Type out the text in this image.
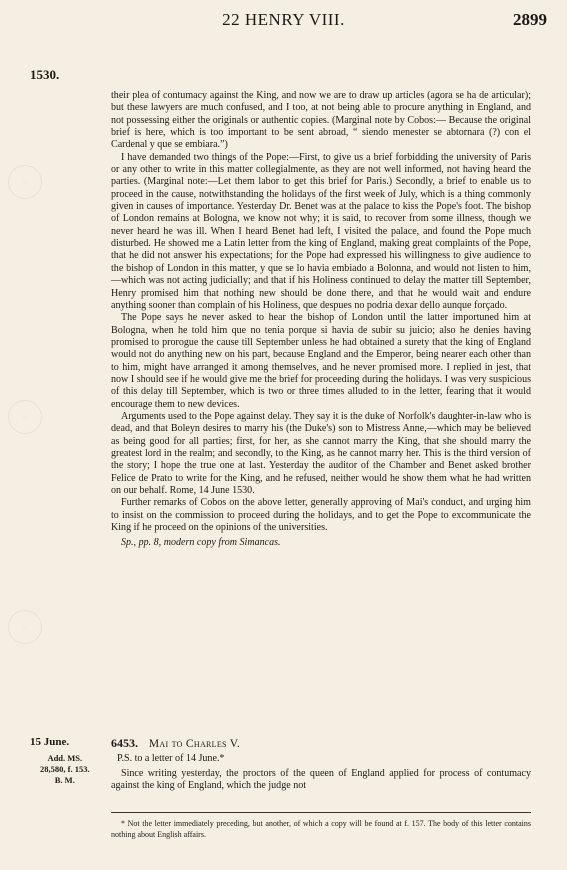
○
○
○
22 HENRY VIII.	2899
1530.

their plea of contumacy against the King, and now we are to draw up articles (agora se ha de articular); but these lawyers are much confused, and I too, at not being able to procure anything in England, and not possessing either the originals or authentic copies. (Marginal note by Cobos:— Because the original brief is here, which is too important to be sent abroad, “ siendo menester se abtornara (?) con el Cardenal y que se embiara.”)

I have demanded two things of the Pope:—First, to give us a brief forbidding the university of Paris or any other to write in this matter collegialmente, as they are not well informed, not having heard the parties. (Marginal note:—Let them labor to get this brief for Paris.) Secondly, a brief to enable us to proceed in the cause, notwithstanding the holidays of the first week of July, which is a thing commonly given in causes of importance. Yesterday Dr. Benet was at the palace to kiss the Pope's foot. The bishop of London remains at Bologna, we know not why; it is said, to recover from some illness, though we never heard he was ill. When I heard Benet had left, I visited the palace, and found the Pope much disturbed. He showed me a Latin letter from the king of England, making great complaints of the Pope, that he did not answer his expectations; for the Pope had expressed his willingness to give audience to the bishop of London in this matter, y que se lo havia embiado a Bolonna, and would not listen to him,—which was not acting judicially; and that if his Holiness continued to delay the matter till September, Henry promised him that nothing new should be done there, and that he would wait and endure anything sooner than complain of his Holiness, que despues no podria dexar dello aunque forçado.

The Pope says he never asked to hear the bishop of London until the latter importuned him at Bologna, when he told him que no tenia porque si havia de subir su juicio; also he denies having promised to prorogue the cause till September unless he had obtained a surety that the king of England would not do anything new on his part, because England and the Emperor, being nearer each other than to him, might have arranged it among themselves, and he never promised more. I replied in jest, that now I should see if he would give me the brief for proceeding during the holidays. I was very suspicious of this delay till September, which is two or three times alluded to in the letter, fearing that it would encourage them to new devices.

Arguments used to the Pope against delay. They say it is the duke of Norfolk's daughter-in-law who is dead, and that Boleyn desires to marry his (the Duke's) son to Mistress Anne,—which may be believed as being good for all parties; first, for her, as she cannot marry the King, that she should marry the greatest lord in the realm; and secondly, to the King, as he cannot marry her. This is the third version of the story; I hope the true one at last. Yesterday the auditor of the Chamber and Benet asked brother Felice de Prato to write for the King, and he refused, neither would he show them what he had written on our behalf. Rome, 14 June 1530.

Further remarks of Cobos on the above letter, generally approving of Mai's conduct, and urging him to insist on the commission to proceed during the holidays, and to get the Pope to excommunicate the King if he proceed on the opinions of the universities.

Sp., pp. 8, modern copy from Simancas.

15 June.
Add. MS.
28,580, f. 153.
B. M.
6453. Mai to Charles V.
P.S. to a letter of 14 June.*
Since writing yesterday, the proctors of the queen of England applied for process of contumacy against the king of England, which the judge not
* Not the letter immediately preceding, but another, of which a copy will be found at f. 157. The body of this letter contains nothing about English affairs.
